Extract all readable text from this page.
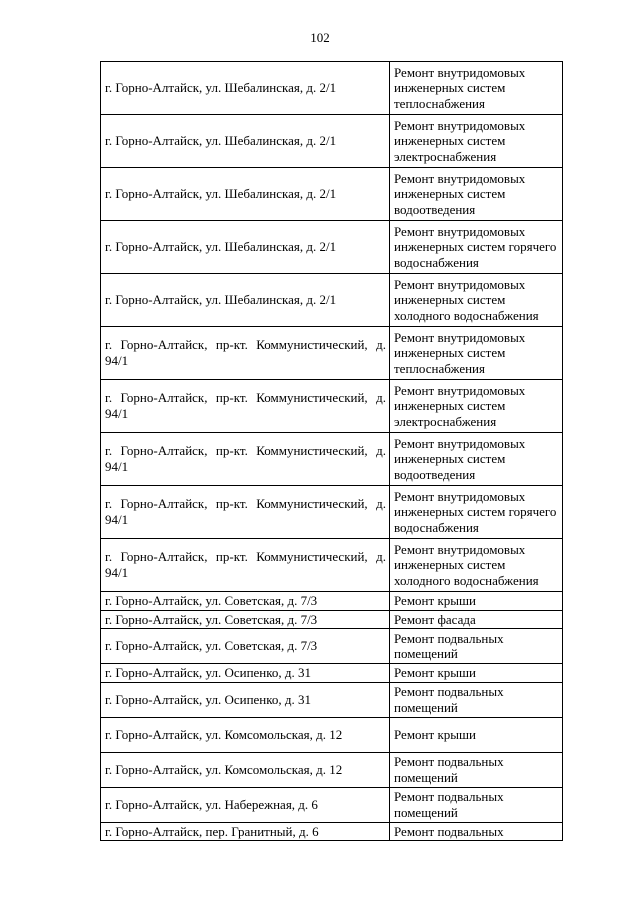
102
г. Горно-Алтайск, ул. Шебалинская, д. 2/1	Ремонт внутридомовых инженерных систем теплоснабжения
г. Горно-Алтайск, ул. Шебалинская, д. 2/1	Ремонт внутридомовых инженерных систем электроснабжения
г. Горно-Алтайск, ул. Шебалинская, д. 2/1	Ремонт внутридомовых инженерных систем водоотведения
г. Горно-Алтайск, ул. Шебалинская, д. 2/1	Ремонт внутридомовых инженерных систем горячего водоснабжения
г. Горно-Алтайск, ул. Шебалинская, д. 2/1	Ремонт внутридомовых инженерных систем холодного водоснабжения
г. Горно-Алтайск, пр-кт. Коммунистический, д. 94/1	Ремонт внутридомовых инженерных систем теплоснабжения
г. Горно-Алтайск, пр-кт. Коммунистический, д. 94/1	Ремонт внутридомовых инженерных систем электроснабжения
г. Горно-Алтайск, пр-кт. Коммунистический, д. 94/1	Ремонт внутридомовых инженерных систем водоотведения
г. Горно-Алтайск, пр-кт. Коммунистический, д. 94/1	Ремонт внутридомовых инженерных систем горячего водоснабжения
г. Горно-Алтайск, пр-кт. Коммунистический, д. 94/1	Ремонт внутридомовых инженерных систем холодного водоснабжения
г. Горно-Алтайск, ул. Советская, д. 7/3	Ремонт крыши
г. Горно-Алтайск, ул. Советская, д. 7/3	Ремонт фасада
г. Горно-Алтайск, ул. Советская, д. 7/3	Ремонт подвальных помещений
г. Горно-Алтайск, ул. Осипенко, д. 31	Ремонт крыши
г. Горно-Алтайск, ул. Осипенко, д. 31	Ремонт подвальных помещений
г. Горно-Алтайск, ул. Комсомольская, д. 12	Ремонт крыши
г. Горно-Алтайск, ул. Комсомольская, д. 12	Ремонт подвальных помещений
г. Горно-Алтайск, ул. Набережная, д. 6	Ремонт подвальных помещений
г. Горно-Алтайск, пер. Гранитный, д. 6	Ремонт подвальных
